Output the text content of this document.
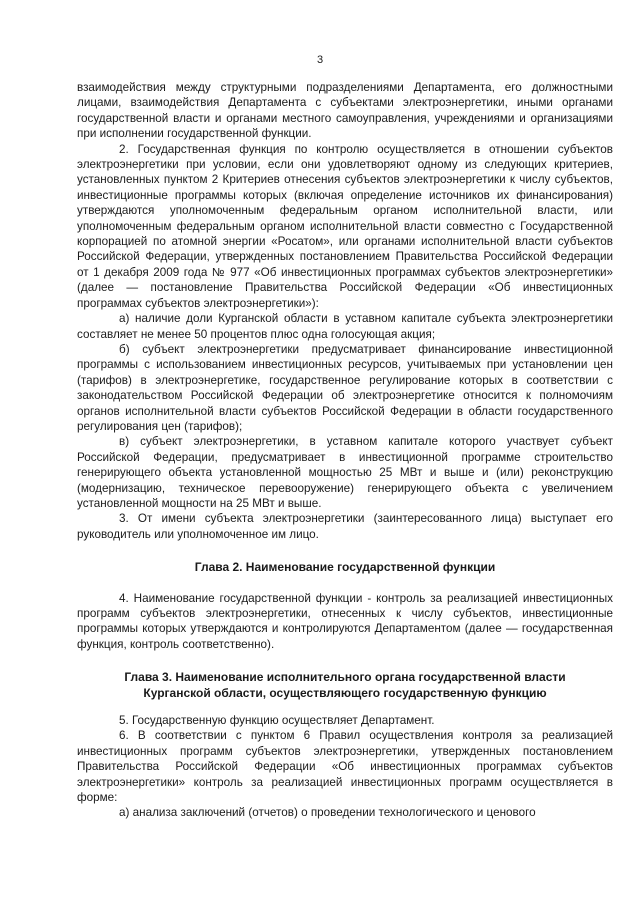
3

взаимодействия между структурными подразделениями Департамента, его должностными лицами, взаимодействия Департамента с субъектами электроэнергетики, иными органами государственной власти и органами местного самоуправления, учреждениями и организациями при исполнении государственной функции.

2. Государственная функция по контролю осуществляется в отношении субъектов электроэнергетики при условии, если они удовлетворяют одному из следующих критериев, установленных пунктом 2 Критериев отнесения субъектов электроэнергетики к числу субъектов, инвестиционные программы которых (включая определение источников их финансирования) утверждаются уполномоченным федеральным органом исполнительной власти, или уполномоченным федеральным органом исполнительной власти совместно с Государственной корпорацией по атомной энергии «Росатом», или органами исполнительной власти субъектов Российской Федерации, утвержденных постановлением Правительства Российской Федерации от 1 декабря 2009 года № 977 «Об инвестиционных программах субъектов электроэнергетики» (далее — постановление Правительства Российской Федерации «Об инвестиционных программах субъектов электроэнергетики»):

а) наличие доли Курганской области в уставном капитале субъекта электроэнергетики составляет не менее 50 процентов плюс одна голосующая акция;

б) субъект электроэнергетики предусматривает финансирование инвестиционной программы с использованием инвестиционных ресурсов, учитываемых при установлении цен (тарифов) в электроэнергетике, государственное регулирование которых в соответствии с законодательством Российской Федерации об электроэнергетике относится к полномочиям органов исполнительной власти субъектов Российской Федерации в области государственного регулирования цен (тарифов);

в) субъект электроэнергетики, в уставном капитале которого участвует субъект Российской Федерации, предусматривает в инвестиционной программе строительство генерирующего объекта установленной мощностью 25 МВт и выше и (или) реконструкцию (модернизацию, техническое перевооружение) генерирующего объекта с увеличением установленной мощности на 25 МВт и выше.

3. От имени субъекта электроэнергетики (заинтересованного лица) выступает его руководитель или уполномоченное им лицо.

Глава 2. Наименование государственной функции

4. Наименование государственной функции - контроль за реализацией инвестиционных программ субъектов электроэнергетики, отнесенных к числу субъектов, инвестиционные программы которых утверждаются и контролируются Департаментом (далее — государственная функция, контроль соответственно).

Глава 3. Наименование исполнительного органа государственной власти
Курганской области, осуществляющего государственную функцию

5. Государственную функцию осуществляет Департамент.

6. В соответствии с пунктом 6 Правил осуществления контроля за реализацией инвестиционных программ субъектов электроэнергетики, утвержденных постановлением Правительства Российской Федерации «Об инвестиционных программах субъектов электроэнергетики» контроль за реализацией инвестиционных программ осуществляется в форме:

а) анализа заключений (отчетов) о проведении технологического и ценового
